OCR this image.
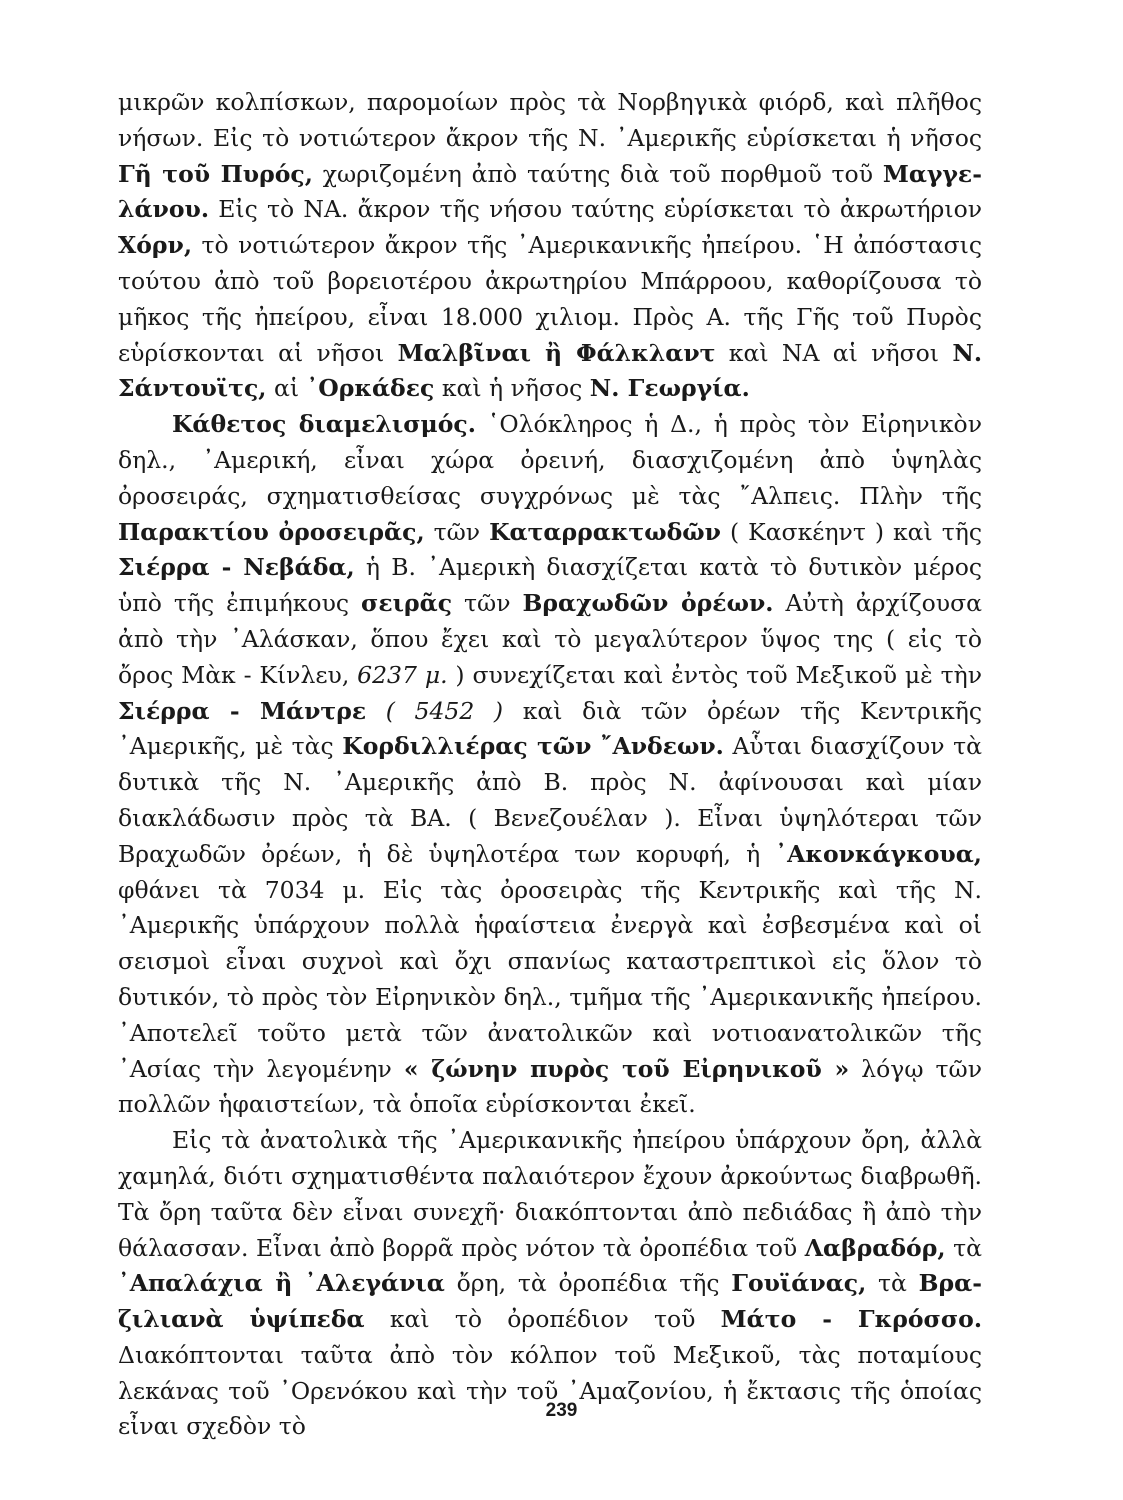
μικρῶν κολπίσκων, παρομοίων πρὸς τὰ Νορβηγικὰ φιόρδ, καὶ πλῆθος νήσων. Εἰς τὸ νοτιώτερον ἄκρον τῆς Ν. ᾿Αμερικῆς εὑρίσκεται ἡ νῆσος Γῆ τοῦ Πυρός, χωριζομένη ἀπὸ ταύτης διὰ τοῦ πορθμοῦ τοῦ Μαγγελάνου. Εἰς τὸ ΝΑ. ἄκρον τῆς νήσου ταύτης εὑρίσκεται τὸ ἀκρωτήριον Χόρν, τὸ νοτιώτερον ἄκρον τῆς ᾿Αμερικανικῆς ἠπείρου. ῾Η ἀπόστασις τούτου ἀπὸ τοῦ βορειοτέρου ἀκρωτηρίου Μπάρροου, καθορίζουσα τὸ μῆκος τῆς ἠπείρου, εἶναι 18.000 χιλιομ. Πρὸς Α. τῆς Γῆς τοῦ Πυρὸς εὑρίσκονται αἱ νῆσοι Μαλβῖναι ἢ Φάλκλαντ καὶ ΝΑ αἱ νῆσοι Ν. Σάντουϊτς, αἱ ᾿Ορκάδες καὶ ἡ νῆσος Ν. Γεωργία.

Κάθετος διαμελισμός. ῾Ολόκληρος ἡ Δ., ἡ πρὸς τὸν Εἰρηνικὸν δηλ., ᾿Αμερική, εἶναι χώρα ὀρεινή, διασχιζομένη ἀπὸ ὑψηλὰς ὀροσειράς, σχηματισθείσας συγχρόνως μὲ τὰς ῎Αλπεις. Πλὴν τῆς Παρακτίου ὀροσειρᾶς, τῶν Καταρρακτωδῶν ( Κασκέηντ ) καὶ τῆς Σιέρρα - Νεβάδα, ἡ Β. ᾿Αμερικὴ διασχίζεται κατὰ τὸ δυτικὸν μέρος ὑπὸ τῆς ἐπιμήκους σειρᾶς τῶν Βραχωδῶν ὀρέων. Αὐτὴ ἀρχίζουσα ἀπὸ τὴν ᾿Αλάσκαν, ὅπου ἔχει καὶ τὸ μεγαλύτερον ὕψος της ( εἰς τὸ ὄρος Μὰκ - Κίνλευ, 6237 μ. ) συνεχίζεται καὶ ἐντὸς τοῦ Μεξικοῦ μὲ τὴν Σιέρρα - Μάντρε ( 5452 ) καὶ διὰ τῶν ὀρέων τῆς Κεντρικῆς ᾿Αμερικῆς, μὲ τὰς Κορδιλλιέρας τῶν ῎Ανδεων. Αὗται διασχίζουν τὰ δυτικὰ τῆς Ν. ᾿Αμερικῆς ἀπὸ Β. πρὸς Ν. ἀφίνουσαι καὶ μίαν διακλάδωσιν πρὸς τὰ ΒΑ. ( Βενεζουέλαν ). Εἶναι ὑψηλότεραι τῶν Βραχωδῶν ὀρέων, ἡ δὲ ὑψηλοτέρα των κορυφή, ἡ ᾿Ακονκάγκουα, φθάνει τὰ 7034 μ. Εἰς τὰς ὀροσειρὰς τῆς Κεντρικῆς καὶ τῆς Ν. ᾿Αμερικῆς ὑπάρχουν πολλὰ ἡφαίστεια ἐνεργὰ καὶ ἐσβεσμένα καὶ οἱ σεισμοὶ εἶναι συχνοὶ καὶ ὄχι σπανίως καταστρεπτικοὶ εἰς ὅλον τὸ δυτικόν, τὸ πρὸς τὸν Εἰρηνικὸν δηλ., τμῆμα τῆς ᾿Αμερικανικῆς ἠπείρου. ᾿Αποτελεῖ τοῦτο μετὰ τῶν ἀνατολικῶν καὶ νοτιοανατολικῶν τῆς ᾿Ασίας τὴν λεγομένην « ζώνην πυρὸς τοῦ Εἰρηνικοῦ » λόγῳ τῶν πολλῶν ἡφαιστείων, τὰ ὁποῖα εὑρίσκονται ἐκεῖ.

Εἰς τὰ ἀνατολικὰ τῆς ᾿Αμερικανικῆς ἠπείρου ὑπάρχουν ὄρη, ἀλλὰ χαμηλά, διότι σχηματισθέντα παλαιότερον ἔχουν ἀρκούντως διαβρωθῆ. Τὰ ὄρη ταῦτα δὲν εἶναι συνεχῆ· διακόπτονται ἀπὸ πεδιάδας ἢ ἀπὸ τὴν θάλασσαν. Εἶναι ἀπὸ βορρᾶ πρὸς νότον τὰ ὀροπέδια τοῦ Λαβραδόρ, τὰ ᾿Απαλάχια ἢ ᾿Αλεγάνια ὄρη, τὰ ὀροπέδια τῆς Γουϊάνας, τὰ Βραζιλιανὰ ὑψίπεδα καὶ τὸ ὀροπέδιον τοῦ Μάτο - Γκρόσσο. Διακόπτονται ταῦτα ἀπὸ τὸν κόλπον τοῦ Μεξικοῦ, τὰς ποταμίους λεκάνας τοῦ ᾿Ορενόκου καὶ τὴν τοῦ ᾿Αμαζονίου, ἡ ἔκτασις τῆς ὁποίας εἶναι σχεδὸν τὸ

239
